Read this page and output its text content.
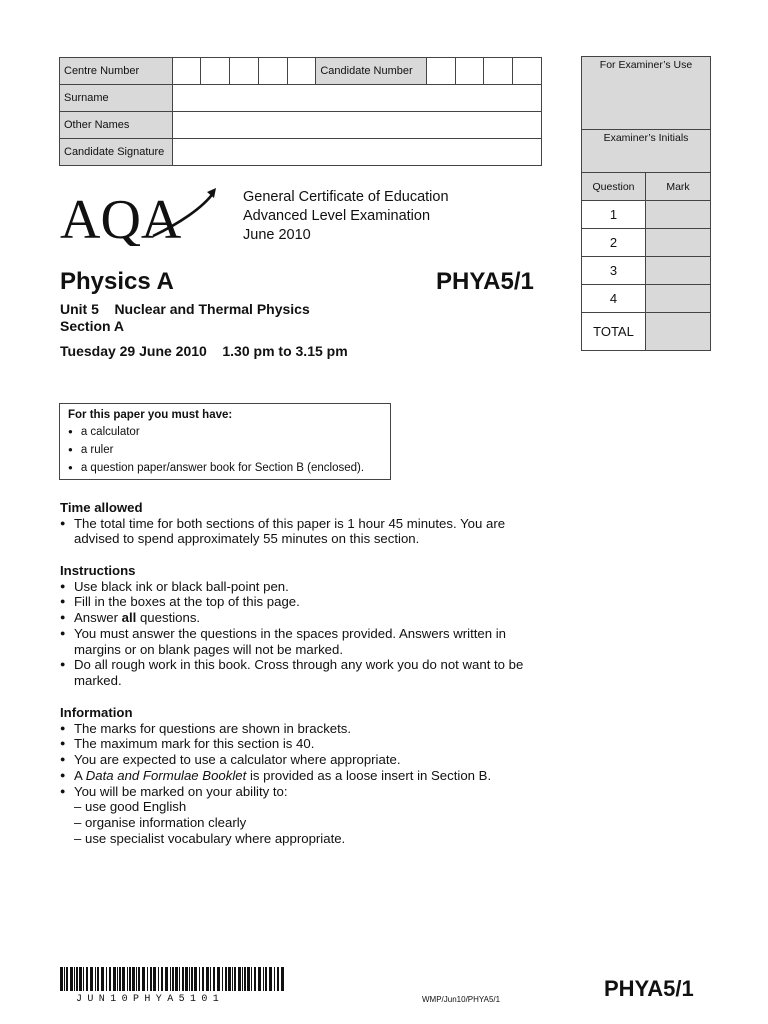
Centre Number						Candidate Number				
Surname										
Other Names										
Candidate Signature										
For Examiner’s Use
Examiner’s Initials
Question	Mark
1
2
3
4
TOTAL
AQA	General Certificate of Education
Advanced Level Examination
June 2010
Physics A	PHYA5/1
Unit 5    Nuclear and Thermal Physics
Section A
Tuesday 29 June 2010    1.30 pm to 3.15 pm
For this paper you must have:
● a calculator
● a ruler
● a question paper/answer book for Section B (enclosed).
Time allowed
● The total time for both sections of this paper is 1 hour 45 minutes. You are advised to spend approximately 55 minutes on this section.
Instructions
● Use black ink or black ball-point pen.
● Fill in the boxes at the top of this page.
● Answer all questions.
● You must answer the questions in the spaces provided. Answers written in margins or on blank pages will not be marked.
● Do all rough work in this book. Cross through any work you do not want to be marked.
Information
● The marks for questions are shown in brackets.
● The maximum mark for this section is 40.
● You are expected to use a calculator where appropriate.
● A Data and Formulae Booklet is provided as a loose insert in Section B.
● You will be marked on your ability to:
– use good English
– organise information clearly
– use specialist vocabulary where appropriate.
JUN10PHYA5101	WMP/Jun10/PHYA5/1	PHYA5/1
